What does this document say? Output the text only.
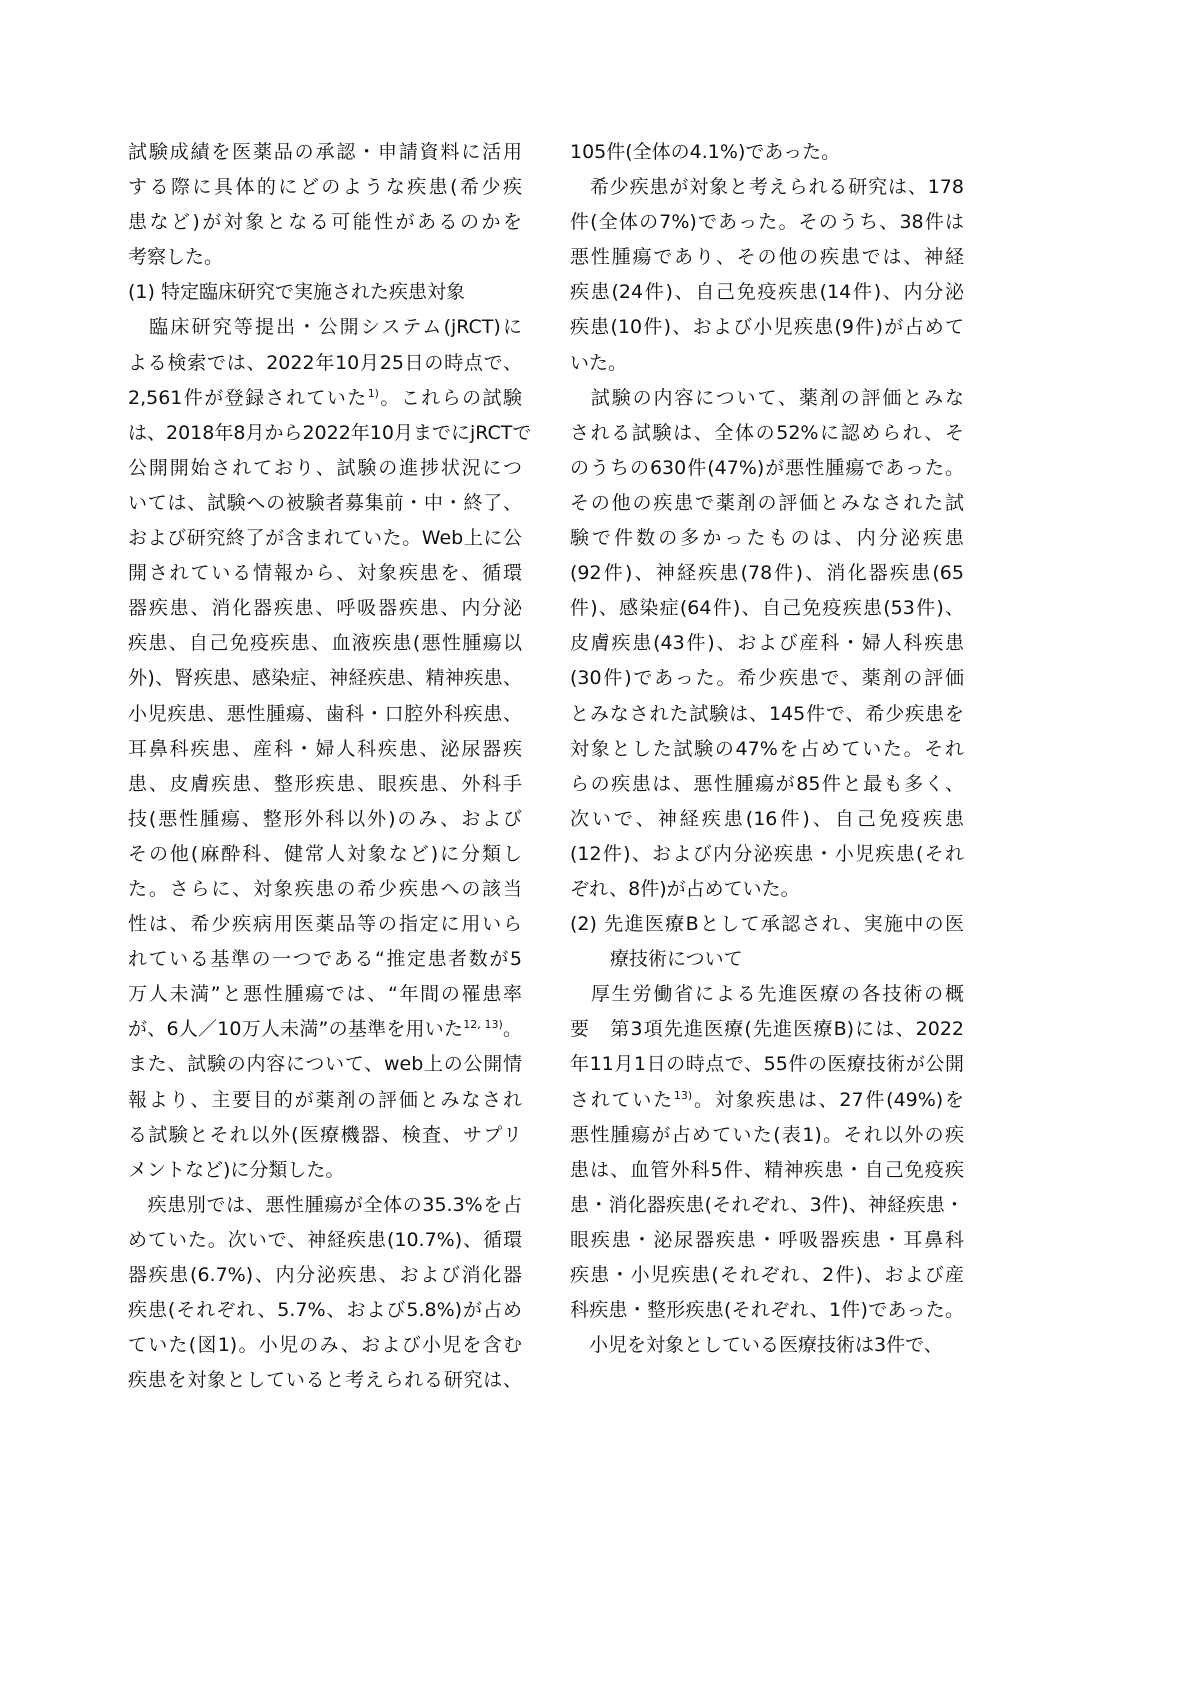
試験成績を医薬品の承認・申請資料に活用
する際に具体的にどのような疾患(希少疾
患など)が対象となる可能性があるのかを
考察した。
(1) 特定臨床研究で実施された疾患対象
　臨床研究等提出・公開システム(jRCT)に
よる検索では、2022年10月25日の時点で、
2,561件が登録されていた$^{1)}$。これらの試験
は、2018年8月から2022年10月までにjRCTで
公開開始されており、試験の進捗状況につ
いては、試験への被験者募集前・中・終了、
および研究終了が含まれていた。Web上に公
開されている情報から、対象疾患を、循環
器疾患、消化器疾患、呼吸器疾患、内分泌
疾患、自己免疫疾患、血液疾患(悪性腫瘍以
外)、腎疾患、感染症、神経疾患、精神疾患、
小児疾患、悪性腫瘍、歯科・口腔外科疾患、
耳鼻科疾患、産科・婦人科疾患、泌尿器疾
患、皮膚疾患、整形疾患、眼疾患、外科手
技(悪性腫瘍、整形外科以外)のみ、および
その他(麻酔科、健常人対象など)に分類し
た。さらに、対象疾患の希少疾患への該当
性は、希少疾病用医薬品等の指定に用いら
れている基準の一つである“推定患者数が5
万人未満”と悪性腫瘍では、“年間の罹患率
が、6人／10万人未満”の基準を用いた$^{12, 13)}$。
また、試験の内容について、web上の公開情
報より、主要目的が薬剤の評価とみなされ
る試験とそれ以外(医療機器、検査、サプリ
メントなど)に分類した。
　疾患別では、悪性腫瘍が全体の35.3%を占
めていた。次いで、神経疾患(10.7%)、循環
器疾患(6.7%)、内分泌疾患、および消化器
疾患(それぞれ、5.7%、および5.8%)が占め
ていた(図1)。小児のみ、および小児を含む
疾患を対象としていると考えられる研究は、
105件(全体の4.1%)であった。
　希少疾患が対象と考えられる研究は、178
件(全体の7%)であった。そのうち、38件は
悪性腫瘍であり、その他の疾患では、神経
疾患(24件)、自己免疫疾患(14件)、内分泌
疾患(10件)、および小児疾患(9件)が占めて
いた。
　試験の内容について、薬剤の評価とみな
される試験は、全体の52%に認められ、そ
のうちの630件(47%)が悪性腫瘍であった。
その他の疾患で薬剤の評価とみなされた試
験で件数の多かったものは、内分泌疾患
(92件)、神経疾患(78件)、消化器疾患(65
件)、感染症(64件)、自己免疫疾患(53件)、
皮膚疾患(43件)、および産科・婦人科疾患
(30件)であった。希少疾患で、薬剤の評価
とみなされた試験は、145件で、希少疾患を
対象とした試験の47%を占めていた。それ
らの疾患は、悪性腫瘍が85件と最も多く、
次いで、神経疾患(16件)、自己免疫疾患
(12件)、および内分泌疾患・小児疾患(それ
ぞれ、8件)が占めていた。
(2) 先進医療Bとして承認され、実施中の医
療技術について
　厚生労働省による先進医療の各技術の概
要　第3項先進医療(先進医療B)には、2022
年11月1日の時点で、55件の医療技術が公開
されていた$^{13)}$。対象疾患は、27件(49%)を
悪性腫瘍が占めていた(表1)。それ以外の疾
患は、血管外科5件、精神疾患・自己免疫疾
患・消化器疾患(それぞれ、3件)、神経疾患・
眼疾患・泌尿器疾患・呼吸器疾患・耳鼻科
疾患・小児疾患(それぞれ、2件)、および産
科疾患・整形疾患(それぞれ、1件)であった。
　小児を対象としている医療技術は3件で、
